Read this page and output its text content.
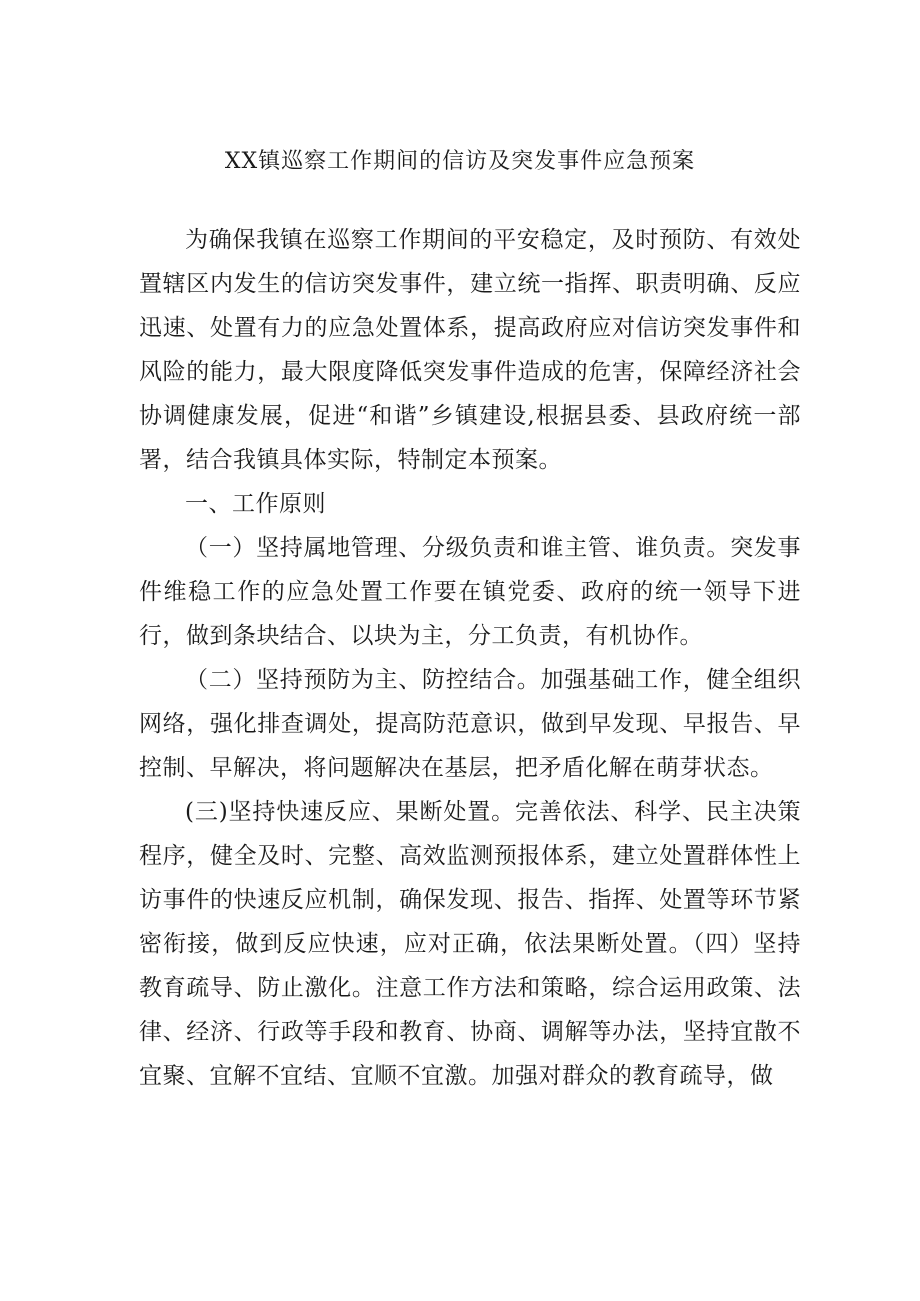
XX镇巡察工作期间的信访及突发事件应急预案

为确保我镇在巡察工作期间的平安稳定，及时预防、有效处置辖区内发生的信访突发事件，建立统一指挥、职责明确、反应迅速、处置有力的应急处置体系，提高政府应对信访突发事件和风险的能力，最大限度降低突发事件造成的危害，保障经济社会协调健康发展，促进“和谐”乡镇建设,根据县委、县政府统一部署，结合我镇具体实际，特制定本预案。

一、工作原则

（一）坚持属地管理、分级负责和谁主管、谁负责。突发事件维稳工作的应急处置工作要在镇党委、政府的统一领导下进行，做到条块结合、以块为主，分工负责，有机协作。

（二）坚持预防为主、防控结合。加强基础工作，健全组织网络，强化排查调处，提高防范意识，做到早发现、早报告、早控制、早解决，将问题解决在基层，把矛盾化解在萌芽状态。

(三)坚持快速反应、果断处置。完善依法、科学、民主决策程序，健全及时、完整、高效监测预报体系，建立处置群体性上访事件的快速反应机制，确保发现、报告、指挥、处置等环节紧密衔接，做到反应快速，应对正确，依法果断处置。（四）坚持教育疏导、防止激化。注意工作方法和策略，综合运用政策、法律、经济、行政等手段和教育、协商、调解等办法，坚持宜散不宜聚、宜解不宜结、宜顺不宜激。加强对群众的教育疏导，做
